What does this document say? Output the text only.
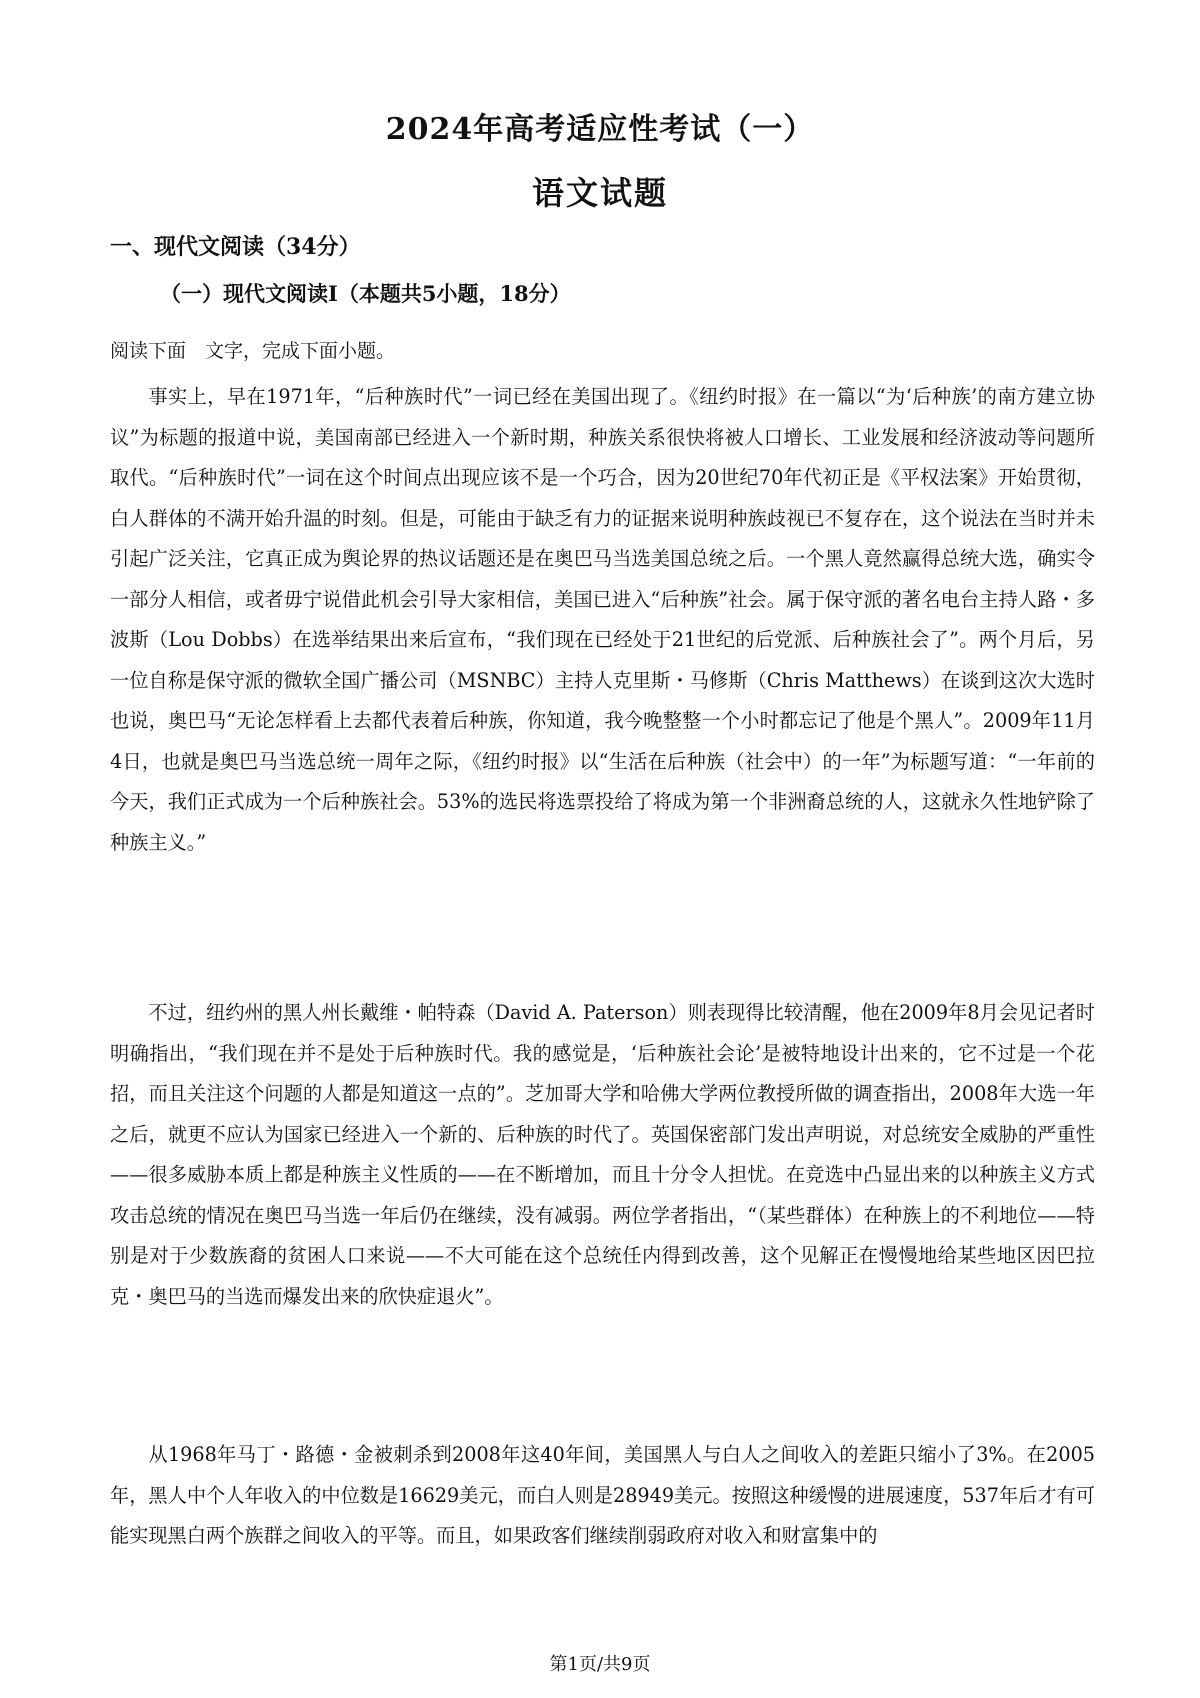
2024年高考适应性考试（一）
语文试题
一、现代文阅读（34分）
（一）现代文阅读Ⅰ（本题共5小题，18分）

阅读下面　文字，完成下面小题。

事实上，早在1971年，“后种族时代”一词已经在美国出现了。《纽约时报》在一篇以“为‘后种族’的南方建立协议”为标题的报道中说，美国南部已经进入一个新时期，种族关系很快将被人口增长、工业发展和经济波动等问题所取代。“后种族时代”一词在这个时间点出现应该不是一个巧合，因为20世纪70年代初正是《平权法案》开始贯彻，白人群体的不满开始升温的时刻。但是，可能由于缺乏有力的证据来说明种族歧视已不复存在，这个说法在当时并未引起广泛关注，它真正成为舆论界的热议话题还是在奥巴马当选美国总统之后。一个黑人竟然赢得总统大选，确实令一部分人相信，或者毋宁说借此机会引导大家相信，美国已进入“后种族”社会。属于保守派的著名电台主持人路・多波斯（Lou Dobbs）在选举结果出来后宣布，“我们现在已经处于21世纪的后党派、后种族社会了”。两个月后，另一位自称是保守派的微软全国广播公司（MSNBC）主持人克里斯・马修斯（Chris Matthews）在谈到这次大选时也说，奥巴马“无论怎样看上去都代表着后种族，你知道，我今晚整整一个小时都忘记了他是个黑人”。2009年11月4日，也就是奥巴马当选总统一周年之际，《纽约时报》以“生活在后种族（社会中）的一年”为标题写道：“一年前的今天，我们正式成为一个后种族社会。53%的选民将选票投给了将成为第一个非洲裔总统的人，这就永久性地铲除了种族主义。”

不过，纽约州的黑人州长戴维・帕特森（David A. Paterson）则表现得比较清醒，他在2009年8月会见记者时明确指出，“我们现在并不是处于后种族时代。我的感觉是，‘后种族社会论’是被特地设计出来的，它不过是一个花招，而且关注这个问题的人都是知道这一点的”。芝加哥大学和哈佛大学两位教授所做的调查指出，2008年大选一年之后，就更不应认为国家已经进入一个新的、后种族的时代了。英国保密部门发出声明说，对总统安全威胁的严重性——很多威胁本质上都是种族主义性质的——在不断增加，而且十分令人担忧。在竞选中凸显出来的以种族主义方式攻击总统的情况在奥巴马当选一年后仍在继续，没有减弱。两位学者指出，“（某些群体）在种族上的不利地位——特别是对于少数族裔的贫困人口来说——不大可能在这个总统任内得到改善，这个见解正在慢慢地给某些地区因巴拉克・奥巴马的当选而爆发出来的欣快症退火”。

从1968年马丁・路德・金被刺杀到2008年这40年间，美国黑人与白人之间收入的差距只缩小了3%。在2005年，黑人中个人年收入的中位数是16629美元，而白人则是28949美元。按照这种缓慢的进展速度，537年后才有可能实现黑白两个族群之间收入的平等。而且，如果政客们继续削弱政府对收入和财富集中的

第1页/共9页
